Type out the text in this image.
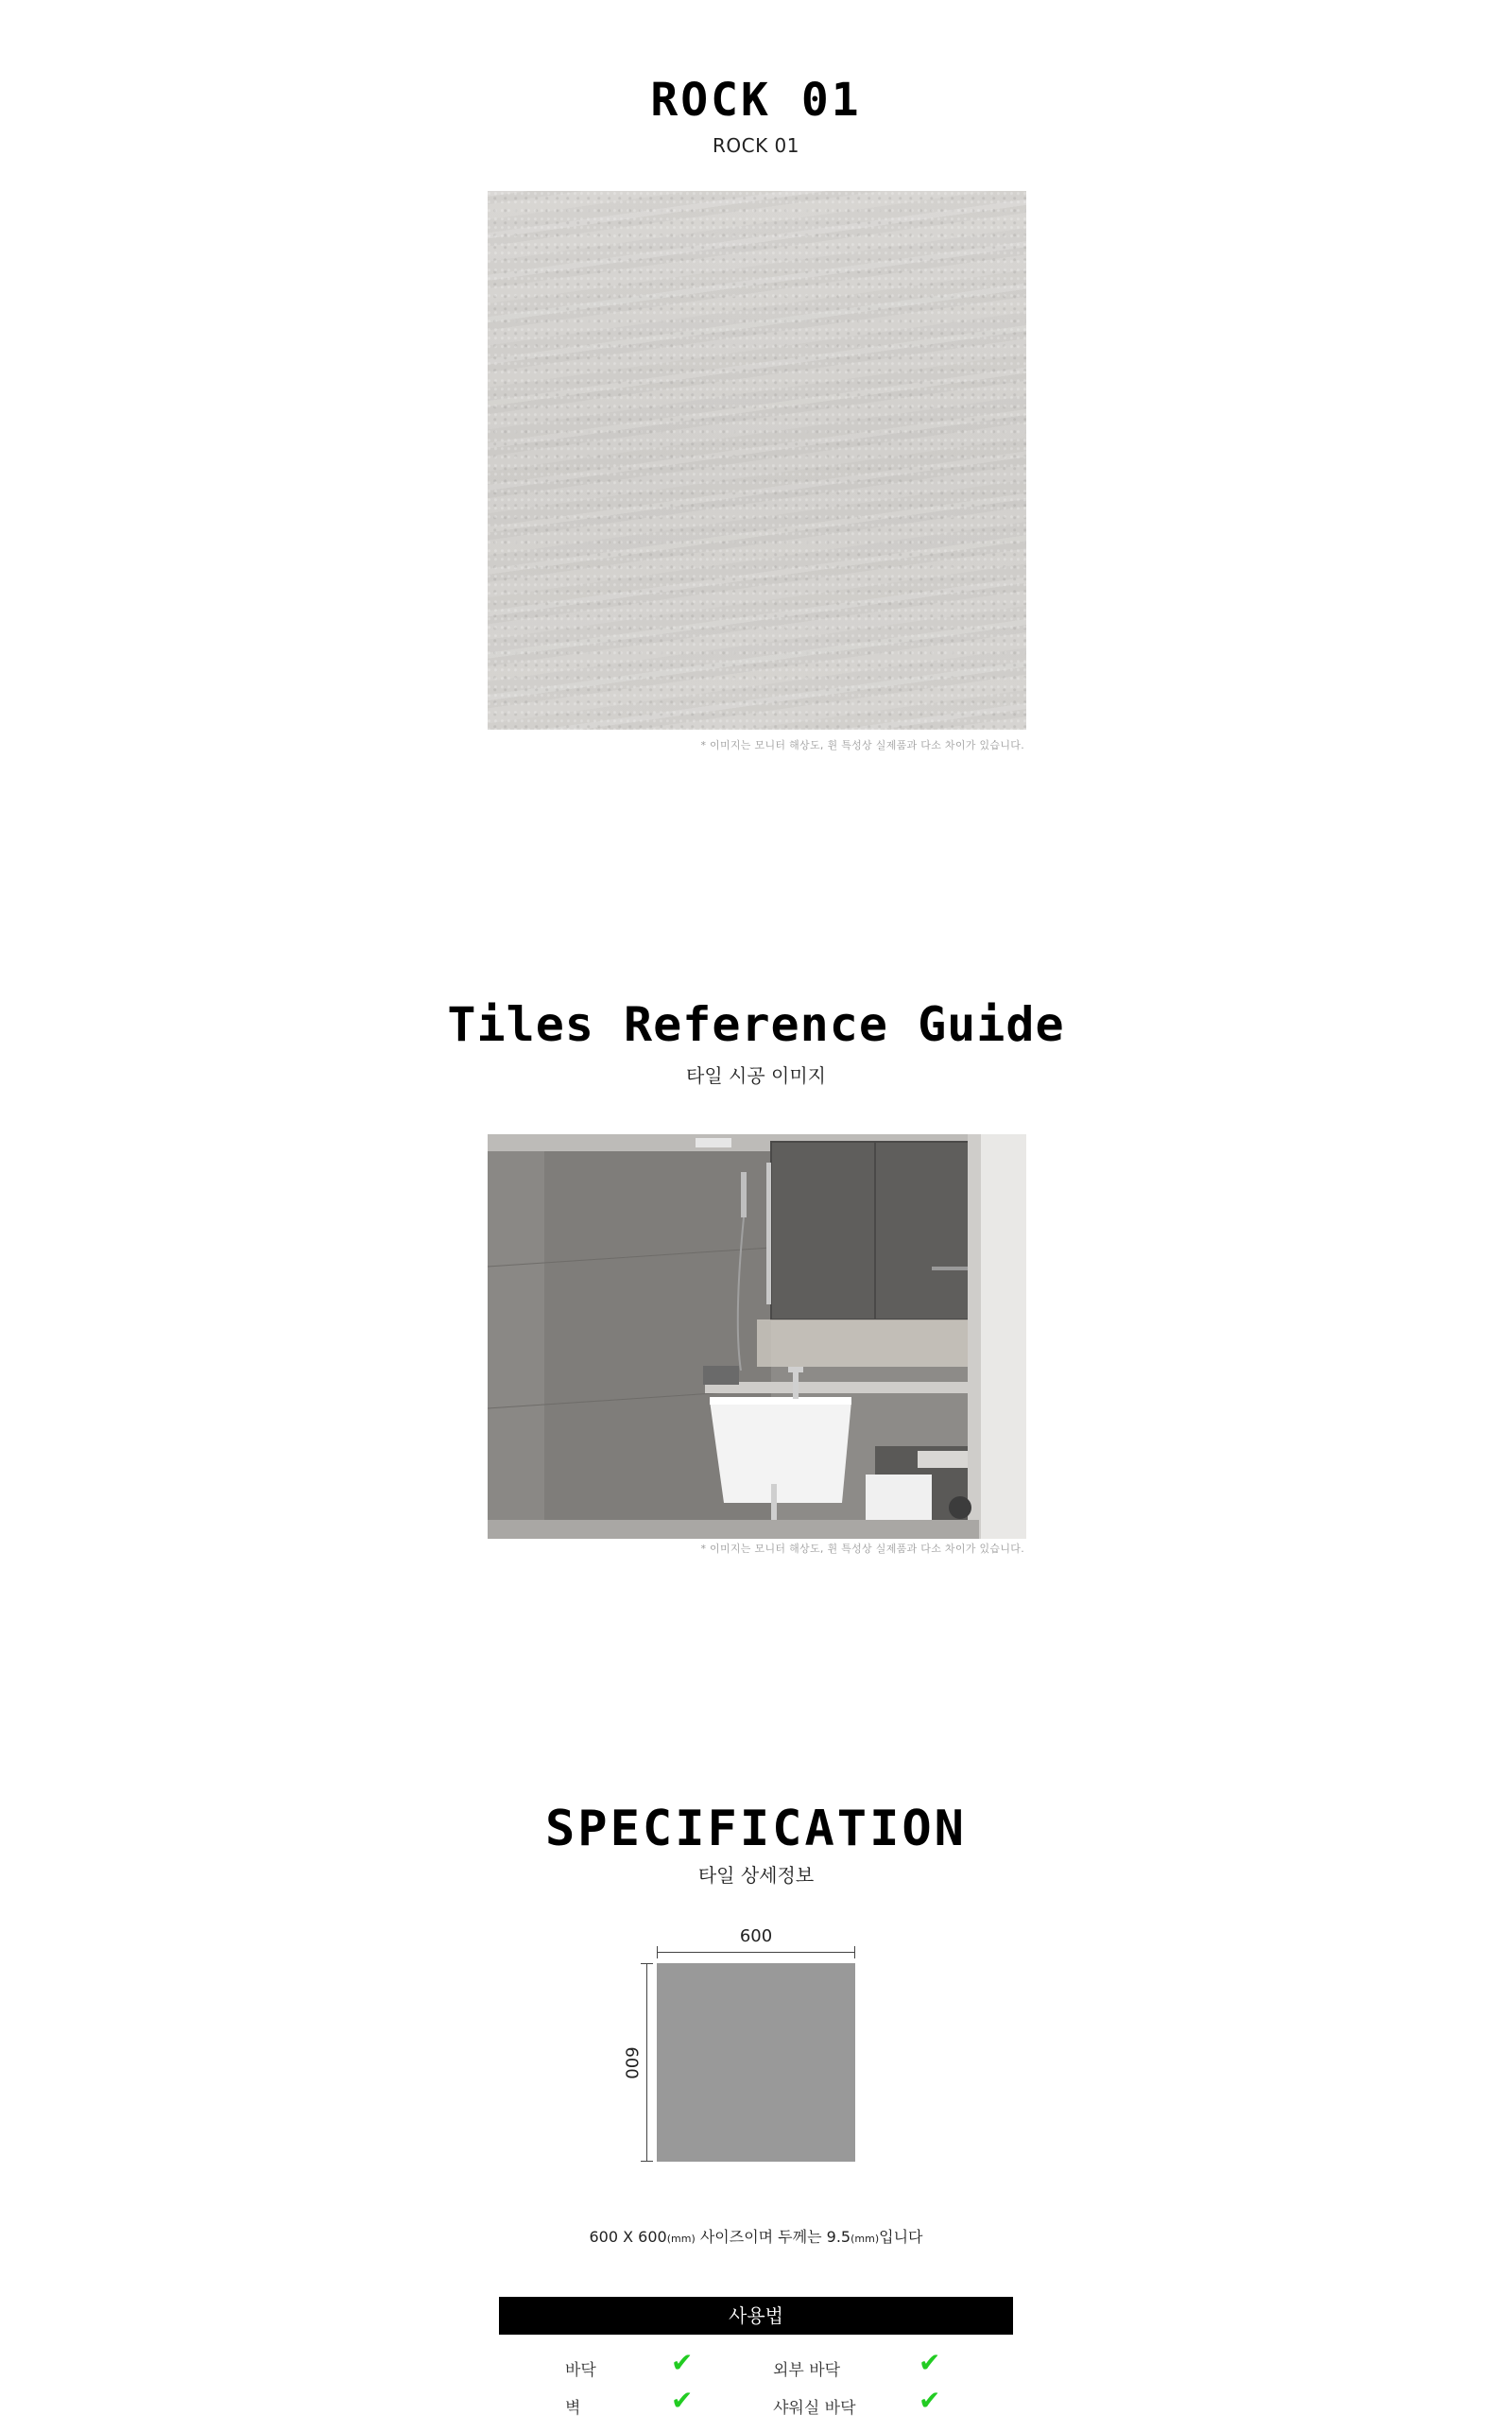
ROCK 01
ROCK 01
* 이미지는 모니터 해상도, 휜 특성상 실제품과 다소 차이가 있습니다.
Tiles Reference Guide
타일 시공 이미지
* 이미지는 모니터 해상도, 휜 특성상 실제품과 다소 차이가 있습니다.
SPECIFICATION
타일 상세정보
600
600
600 X 600(mm) 사이즈이며 두께는 9.5(mm)입니다
사용법
바닥	✔	외부 바닥	✔
벽	✔	샤워실 바닥 ✔
